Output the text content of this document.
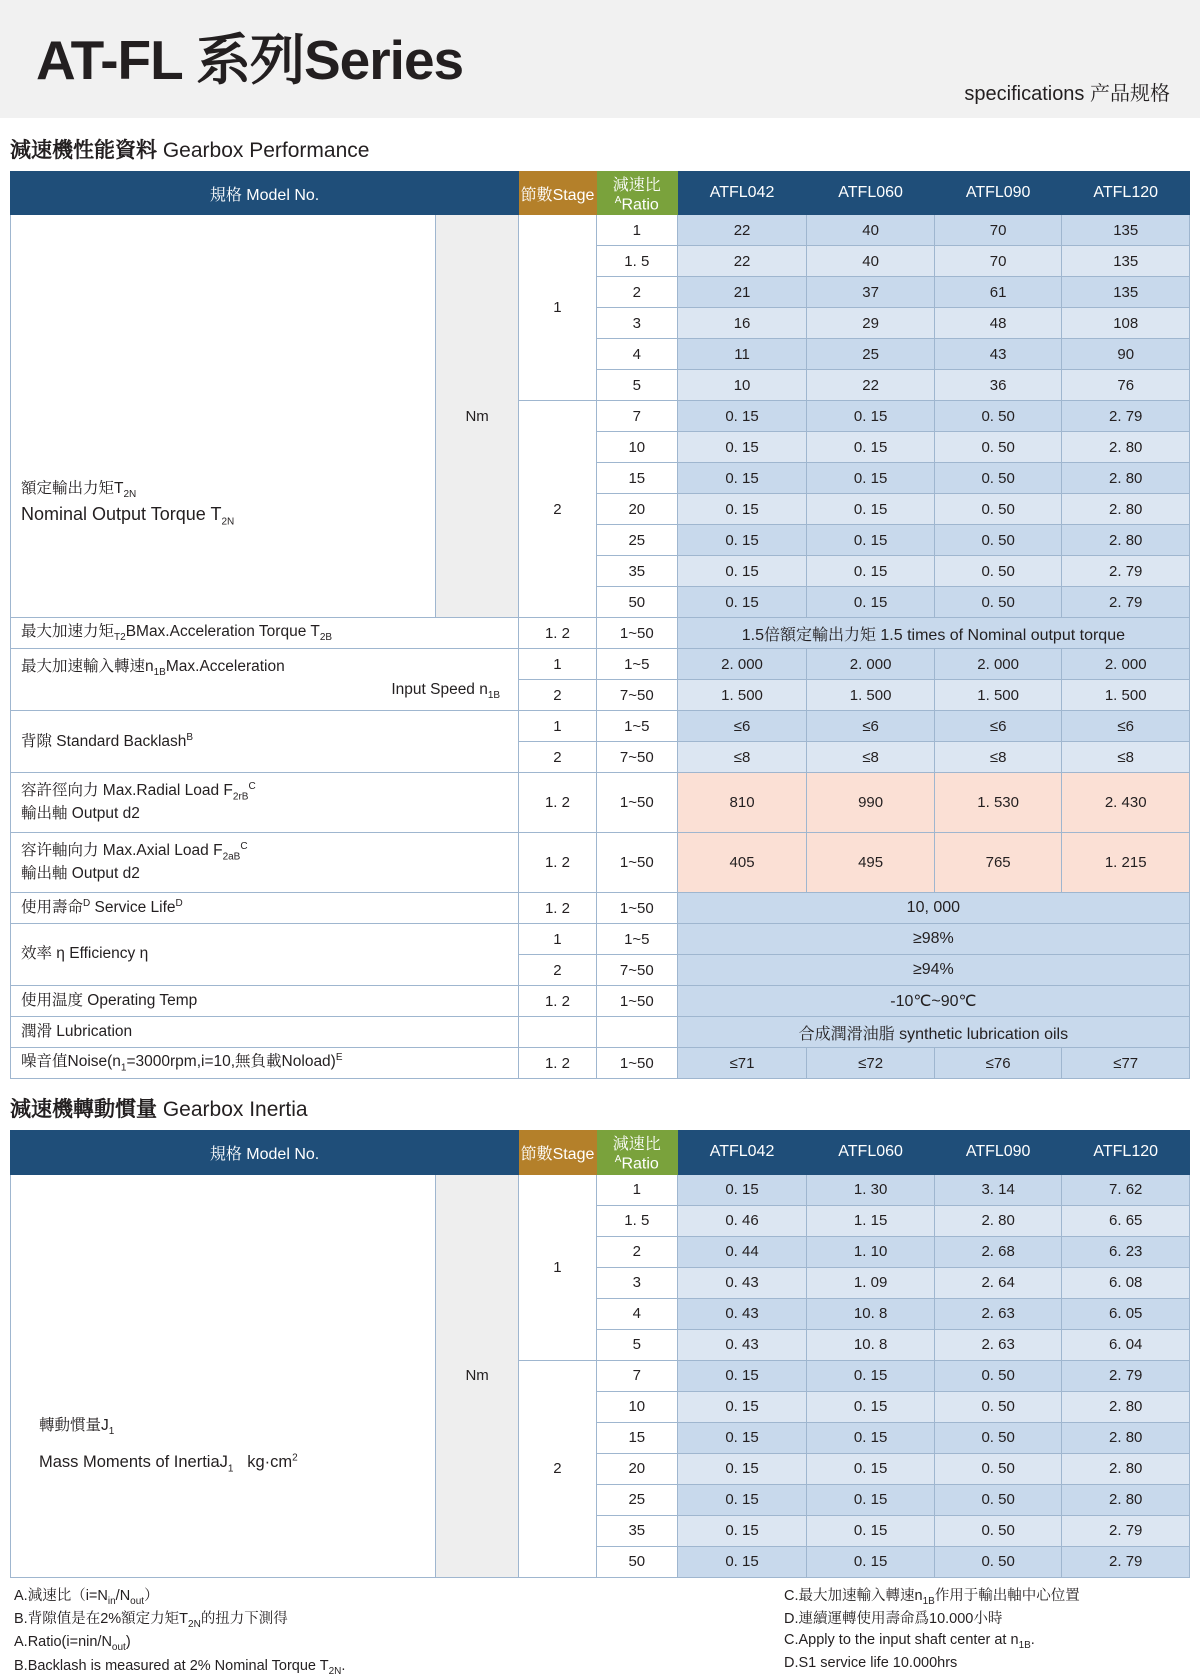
AT-FL 系列Series
specifications 产品规格
減速機性能資料 Gearbox Performance
規格 Model No.		節數Stage	減速比$^A$Ratio	ATFL042	ATFL060	ATFL090	ATFL120

額定輸出力矩$T_{2N}$
Nominal Output Torque $T_{2N}$	Nm	1	1	22	40	70	135
			1. 5	22	40	70	135
			2	21	37	61	135
			3	16	29	48	108
			4	11	25	43	90
			5	10	22	36	76
		2	7	0. 15	0. 15	0. 50	2. 79
			10	0. 15	0. 15	0. 50	2. 80
			15	0. 15	0. 15	0. 50	2. 80
			20	0. 15	0. 15	0. 50	2. 80
			25	0. 15	0. 15	0. 50	2. 80
			35	0. 15	0. 15	0. 50	2. 79
			50	0. 15	0. 15	0. 50	2. 79
最大加速力矩$_{T2}$BMax.Acceleration Torque $T_{2B}$		1. 2	1~50	1.5倍額定輸出力矩 1.5 times of Nominal output torque			

最大加速輸入轉速$n_{1B}Max.Acceleration$
Input Speed $n_{1B}$		1	1~5	2. 000	2. 000	2. 000	2. 000
		2	7~50	1. 500	1. 500	1. 500	1. 500
背隙 Standard Backlash$^B$		1	1~5	≤6	≤6	≤6	≤6
		2	7~50	≤8	≤8	≤8	≤8

容許徑向力 Max.Radial Load $F_{2rB}^C$
輸出軸 Output d2		1. 2	1~50	810	990	1. 530	2. 430

容许軸向力 Max.Axial Load $F_{2aB}^C$
輸出軸 Output d2		1. 2	1~50	405	495	765	1. 215
使用壽命$^D$ Service Life$^D$		1. 2	1~50	10, 000			
效率 η Efficiency η		1	1~5	≥98%			
		2	7~50	≥94%			
使用温度 Operating Temp		1. 2	1~50	-10℃~90℃			
潤滑 Lubrication				合成潤滑油脂 synthetic lubrication oils			
噪音值$Noise(n_1=3000rpm,i=10$,無負載Noload)$^E$		1. 2	1~50	≤71	≤72	≤76	≤77
減速機轉動慣量 Gearbox Inertia
規格 Model No.		節數Stage	減速比$^A$Ratio	ATFL042	ATFL060	ATFL090	ATFL120

轉動慣量$J_1$
Mass Moments of InertiaJ$_1$ $kg\cdot cm^2$	Nm	1	1	0. 15	1. 30	3. 14	7. 62
			1. 5	0. 46	1. 15	2. 80	6. 65
			2	0. 44	1. 10	2. 68	6. 23
			3	0. 43	1. 09	2. 64	6. 08
			4	0. 43	10. 8	2. 63	6. 05
			5	0. 43	10. 8	2. 63	6. 04
		2	7	0. 15	0. 15	0. 50	2. 79
			10	0. 15	0. 15	0. 50	2. 80
			15	0. 15	0. 15	0. 50	2. 80
			20	0. 15	0. 15	0. 50	2. 80
			25	0. 15	0. 15	0. 50	2. 80
			35	0. 15	0. 15	0. 50	2. 79
			50	0. 15	0. 15	0. 50	2. 79
A.減速比$(i=N_{in}/N_{out})$
B.背隙值是在2%額定力矩$T_{2N}$的扭力下測得
$A.Ratio(i=nin/N_{out})$
B.Backlash is measured at 2% Nominal Torque $T_{2N}$.
C.最大加速輸入轉速$n_{1B}$作用于輸出軸中心位置
D.連續運轉使用壽命爲10.000小時
C.Apply to the input shaft center at $n_{1B}$.
D.S1 service life 10.000hrs
